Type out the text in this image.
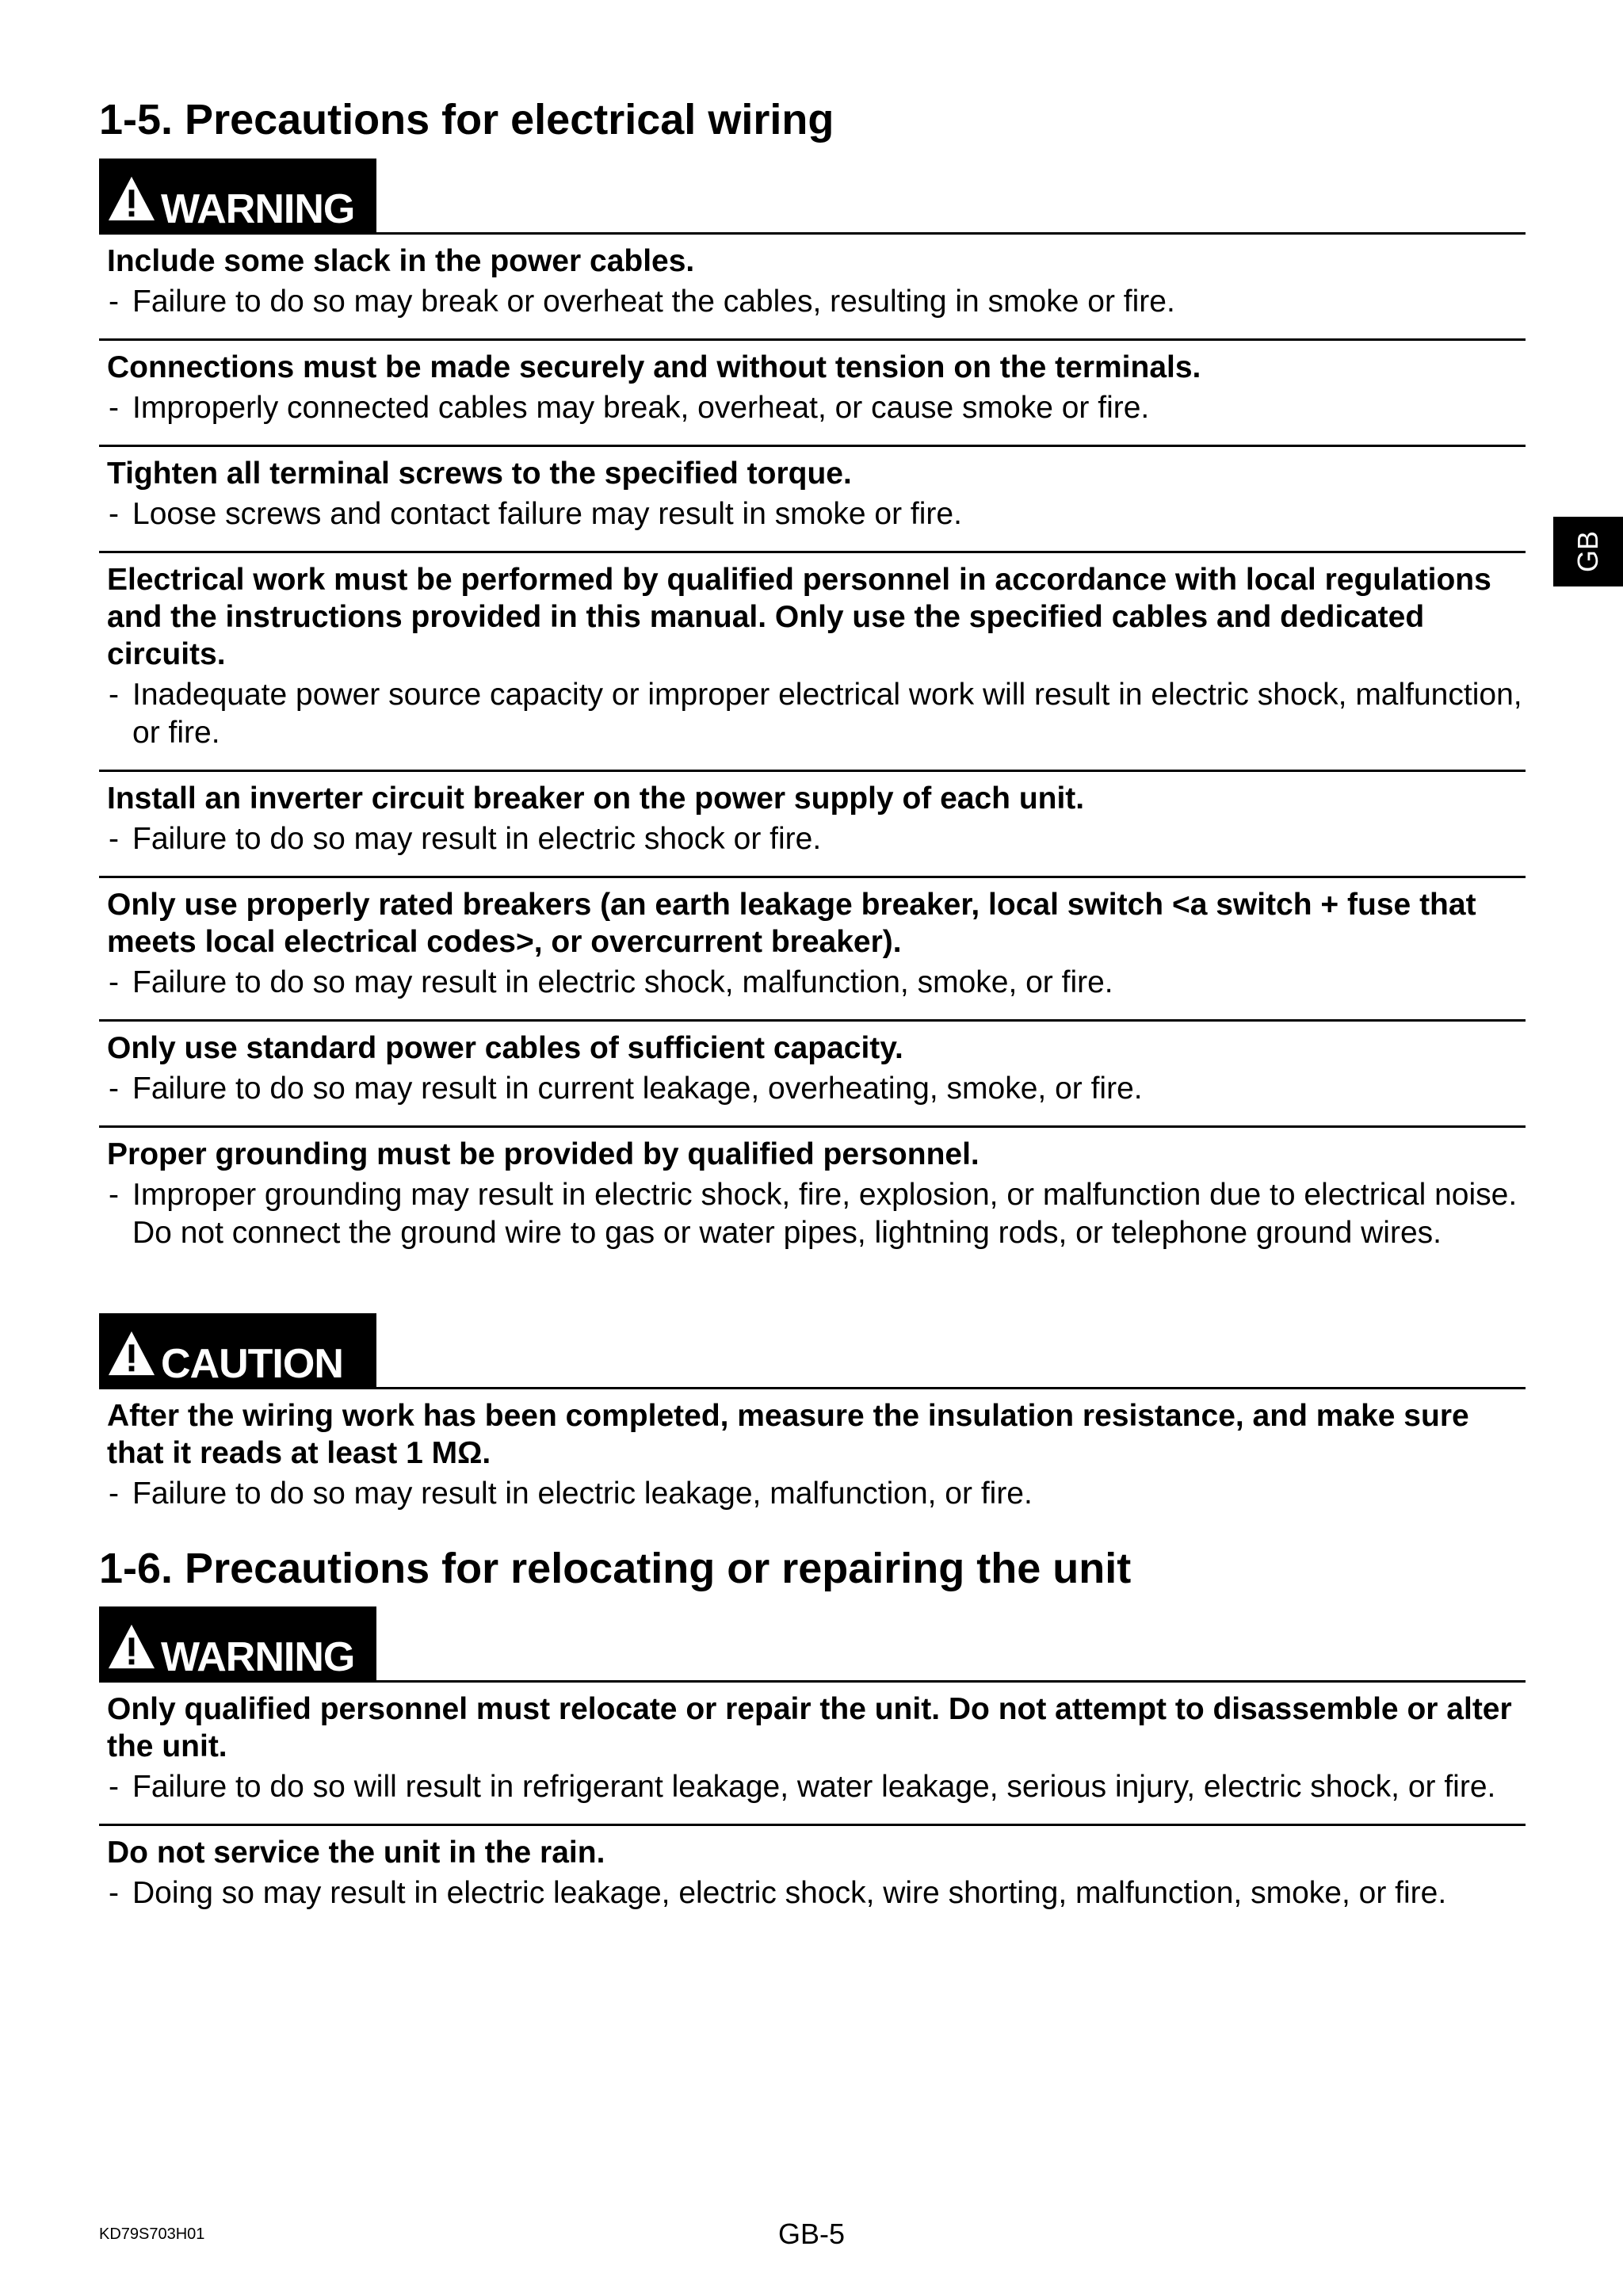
1-5. Precautions for electrical wiring
WARNING

Include some slack in the power cables.

- Failure to do so may break or overheat the cables, resulting in smoke or fire.

Connections must be made securely and without tension on the terminals.

- Improperly connected cables may break, overheat, or cause smoke or fire.

Tighten all terminal screws to the specified torque.

- Loose screws and contact failure may result in smoke or fire.

Electrical work must be performed by qualified personnel in accordance with local regulations and the instructions provided in this manual. Only use the specified cables and dedicated circuits.

- Inadequate power source capacity or improper electrical work will result in electric shock, malfunction, or fire.

Install an inverter circuit breaker on the power supply of each unit.

- Failure to do so may result in electric shock or fire.

Only use properly rated breakers (an earth leakage breaker, local switch <a switch + fuse that meets local electrical codes>, or overcurrent breaker).

- Failure to do so may result in electric shock, malfunction, smoke, or fire.

Only use standard power cables of sufficient capacity.

- Failure to do so may result in current leakage, overheating, smoke, or fire.

Proper grounding must be provided by qualified personnel.

- Improper grounding may result in electric shock, fire, explosion, or malfunction due to electrical noise. Do not connect the ground wire to gas or water pipes, lightning rods, or telephone ground wires.

CAUTION

After the wiring work has been completed, measure the insulation resistance, and make sure that it reads at least 1 MΩ.

- Failure to do so may result in electric leakage, malfunction, or fire.

1-6. Precautions for relocating or repairing the unit
WARNING

Only qualified personnel must relocate or repair the unit. Do not attempt to disassemble or alter the unit.

- Failure to do so will result in refrigerant leakage, water leakage, serious injury, electric shock, or fire.

Do not service the unit in the rain.

- Doing so may result in electric leakage, electric shock, wire shorting, malfunction, smoke, or fire.

GB
KD79S703H01	GB-5
